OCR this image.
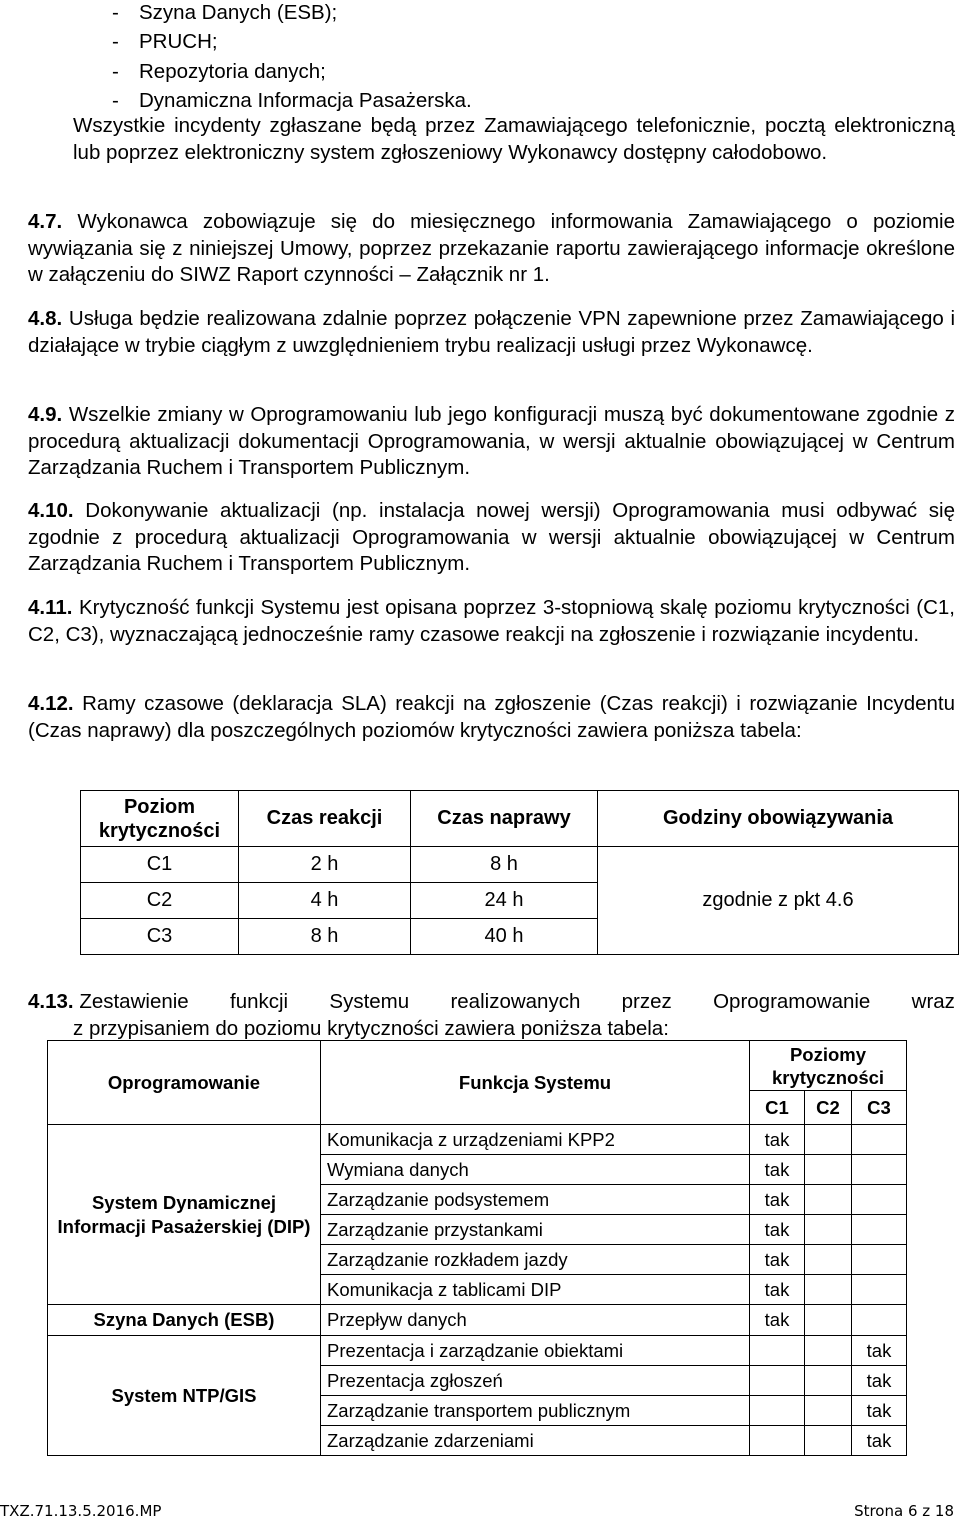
- Szyna Danych (ESB);
- PRUCH;
- Repozytoria danych;
- Dynamiczna Informacja Pasażerska.
Wszystkie incydenty zgłaszane będą przez Zamawiającego telefonicznie, pocztą elektroniczną lub poprzez elektroniczny system zgłoszeniowy Wykonawcy dostępny całodobowo.
4.7. Wykonawca zobowiązuje się do miesięcznego informowania Zamawiającego o poziomie wywiązania się z niniejszej Umowy, poprzez przekazanie raportu zawierającego informacje określone w załączeniu do SIWZ Raport czynności – Załącznik nr 1.
4.8. Usługa będzie realizowana zdalnie poprzez połączenie VPN zapewnione przez Zamawiającego i działające w trybie ciągłym z uwzględnieniem trybu realizacji usługi przez Wykonawcę.
4.9. Wszelkie zmiany w Oprogramowaniu lub jego konfiguracji muszą być dokumentowane zgodnie z procedurą aktualizacji dokumentacji Oprogramowania, w wersji aktualnie obowiązującej w Centrum Zarządzania Ruchem i Transportem Publicznym.
4.10. Dokonywanie aktualizacji (np. instalacja nowej wersji) Oprogramowania musi odbywać się zgodnie z procedurą aktualizacji Oprogramowania w wersji aktualnie obowiązującej w Centrum Zarządzania Ruchem i Transportem Publicznym.
4.11. Krytyczność funkcji Systemu jest opisana poprzez 3-stopniową skalę poziomu krytyczności (C1, C2, C3), wyznaczającą jednocześnie ramy czasowe reakcji na zgłoszenie i rozwiązanie incydentu.
4.12. Ramy czasowe (deklaracja SLA) reakcji na zgłoszenie (Czas reakcji) i rozwiązanie Incydentu (Czas naprawy) dla poszczególnych poziomów krytyczności zawiera poniższa tabela:
Poziom krytyczności	Czas reakcji	Czas naprawy	Godziny obowiązywania
C1	2 h	8 h	zgodnie z pkt 4.6
C2	4 h	24 h	
C3	8 h	40 h	
4.13. Zestawienie funkcji Systemu realizowanych przez Oprogramowanie wraz
z przypisaniem do poziomu krytyczności zawiera poniższa tabela:
Oprogramowanie	Funkcja Systemu	Poziomy krytyczności		
		C1	C2	C3
System Dynamicznej Informacji Pasażerskiej (DIP)	Komunikacja z urządzeniami KPP2	tak		
	Wymiana danych	tak		
	Zarządzanie podsystemem	tak		
	Zarządzanie przystankami	tak		
	Zarządzanie rozkładem jazdy	tak		
	Komunikacja z tablicami DIP	tak		
Szyna Danych (ESB)	Przepływ danych	tak		
System NTP/GIS	Prezentacja i zarządzanie obiektami			tak
	Prezentacja zgłoszeń			tak
	Zarządzanie transportem publicznym			tak
	Zarządzanie zdarzeniami			tak
TXZ.71.13.5.2016.MP	Strona 6 z 18
